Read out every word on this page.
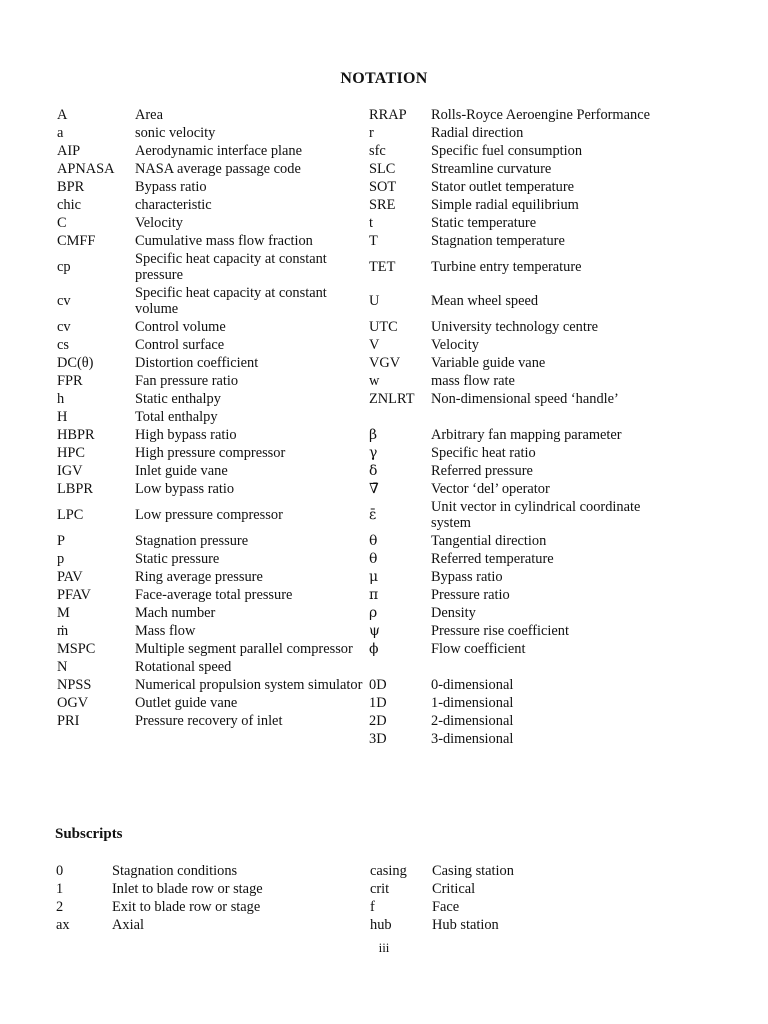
NOTATION
A	Area	RRAP	Rolls-Royce Aeroengine Performance
a	sonic velocity	r	Radial direction
AIP	Aerodynamic interface plane	sfc	Specific fuel consumption
APNASA	NASA average passage code	SLC	Streamline curvature
BPR	Bypass ratio	SOT	Stator outlet temperature
chic	characteristic	SRE	Simple radial equilibrium
C	Velocity	t	Static temperature
CMFF	Cumulative mass flow fraction	T	Stagnation temperature
cp	Specific heat capacity at constant pressure	TET	Turbine entry temperature
cv	Specific heat capacity at constant volume	U	Mean wheel speed
cv	Control volume	UTC	University technology centre
cs	Control surface	V	Velocity
DC(θ)	Distortion coefficient	VGV	Variable guide vane
FPR	Fan pressure ratio	w	mass flow rate
h	Static enthalpy	ZNLRT	Non-dimensional speed ‘handle’
H	Total enthalpy		
HBPR	High bypass ratio	β	Arbitrary fan mapping parameter
HPC	High pressure compressor	γ	Specific heat ratio
IGV	Inlet guide vane	δ	Referred pressure
LBPR	Low bypass ratio	∇̄	Vector ‘del’ operator
LPC	Low pressure compressor	ε̄	Unit vector in cylindrical coordinate system
P	Stagnation pressure	θ	Tangential direction
p	Static pressure	θ	Referred temperature
PAV	Ring average pressure	μ	Bypass ratio
PFAV	Face-average total pressure	π	Pressure ratio
M	Mach number	ρ	Density
ṁ	Mass flow	ψ	Pressure rise coefficient
MSPC	Multiple segment parallel compressor	ϕ	Flow coefficient
N	Rotational speed		
NPSS	Numerical propulsion system simulator	0D	0-dimensional
OGV	Outlet guide vane	1D	1-dimensional
PRI	Pressure recovery of inlet	2D	2-dimensional
		3D	3-dimensional
Subscripts
0	Stagnation conditions	casing	Casing station
1	Inlet to blade row or stage	crit	Critical
2	Exit to blade row or stage	f	Face
ax	Axial	hub	Hub station
iii
